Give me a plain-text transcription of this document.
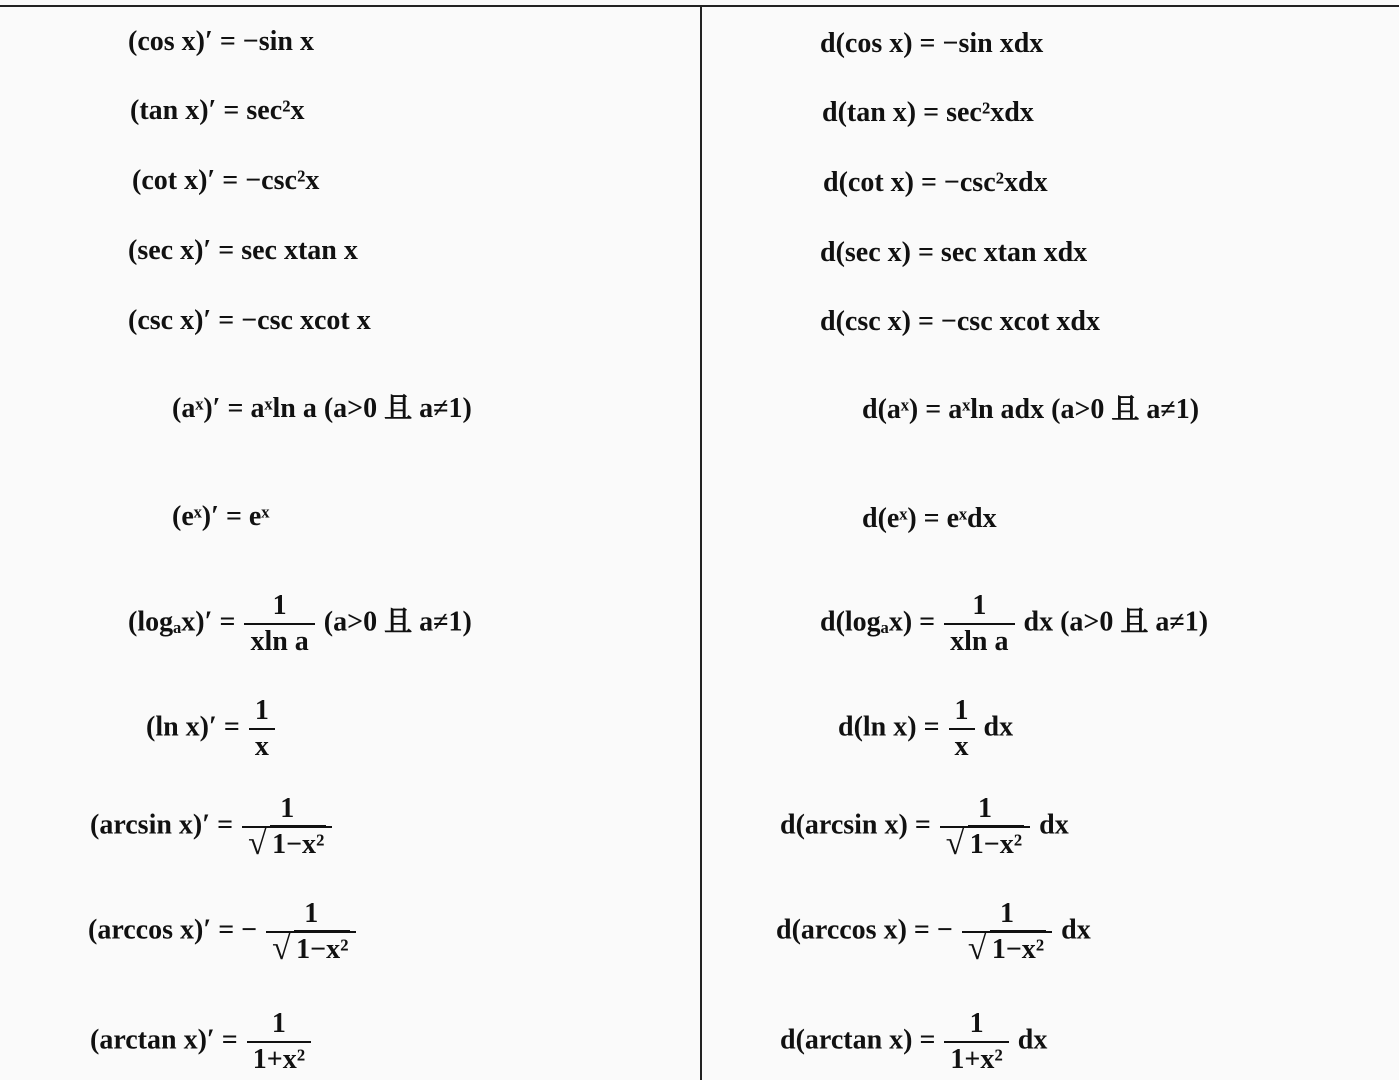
(cos x)′ = −sin x
(tan x)′ = sec²x
(cot x)′ = −csc²x
(sec x)′ = sec xtan x
(csc x)′ = −csc xcot x
(aˣ)′ = aˣln a (a>0 且 a≠1)
(eˣ)′ = eˣ
$(\log_ax)' = \frac{1}{\text{xln a}} (a>0$ 且 a≠1)
(ln $x)' = \frac{1}{x}$
(arcsin x)′ = 1
√ 1−x²
(arccos x)′ = − 1
√ 1−x²
(arctan $x)' = \frac{1}{\text{1+x²}}$
d(cos x) = −sin xdx
d(tan x) = sec²xdx
d(cot x) = −csc²xdx
d(sec x) = sec xtan xdx
d(csc x) = −csc xcot xdx
d(aˣ) = aˣln adx (a>0 且 a≠1)
d(eˣ) = eˣdx
$d(\log_ax) = \frac{1}{\text{xln a}}$ dx (a>0 且 a≠1)
d(ln $x) = \frac{1}{x}$ dx
d(arcsin x) = 1
√ 1−x² dx
d(arccos x) = − 1
√ 1−x² dx
d(arctan $x) = \frac{1}{\text{1+x²}}$ dx
